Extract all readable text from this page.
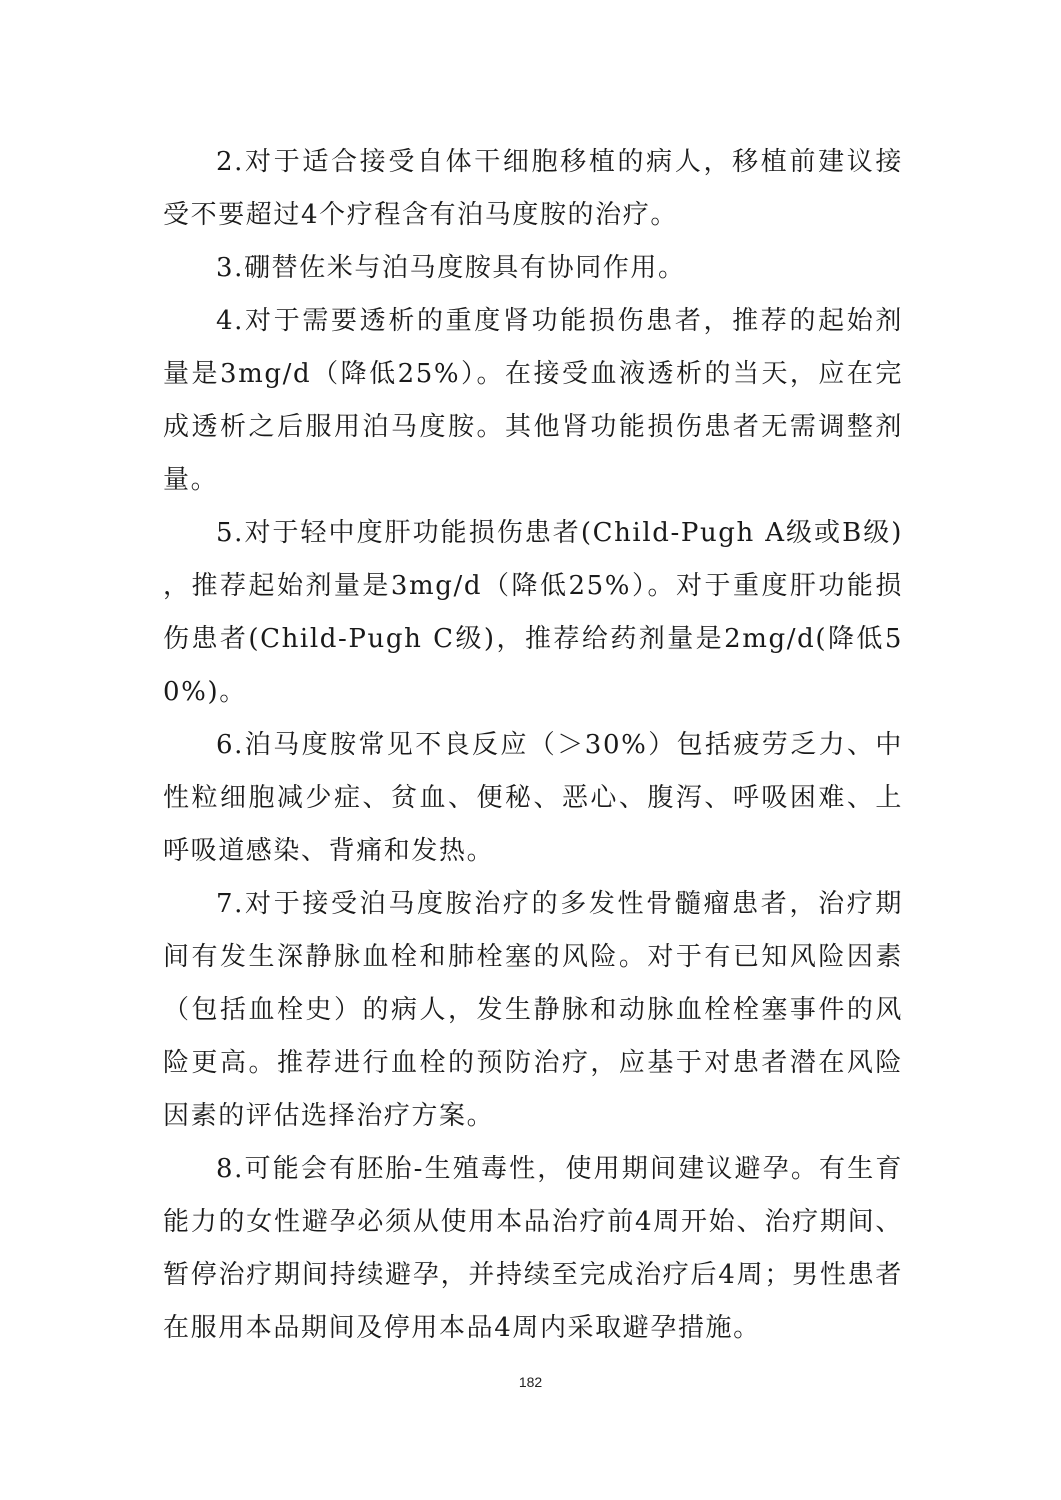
2.对于适合接受自体干细胞移植的病人，移植前建议接受不要超过4个疗程含有泊马度胺的治疗。

3.硼替佐米与泊马度胺具有协同作用。

4.对于需要透析的重度肾功能损伤患者，推荐的起始剂量是3mg/d（降低25%）。在接受血液透析的当天，应在完成透析之后服用泊马度胺。其他肾功能损伤患者无需调整剂量。

5.对于轻中度肝功能损伤患者(Child-Pugh A级或B级)，推荐起始剂量是3mg/d（降低25%）。对于重度肝功能损伤患者(Child-Pugh C级)，推荐给药剂量是2mg/d(降低50%)。

6.泊马度胺常见不良反应（＞30%）包括疲劳乏力、中性粒细胞减少症、贫血、便秘、恶心、腹泻、呼吸困难、上呼吸道感染、背痛和发热。

7.对于接受泊马度胺治疗的多发性骨髓瘤患者，治疗期间有发生深静脉血栓和肺栓塞的风险。对于有已知风险因素（包括血栓史）的病人，发生静脉和动脉血栓栓塞事件的风险更高。推荐进行血栓的预防治疗，应基于对患者潜在风险因素的评估选择治疗方案。

8.可能会有胚胎-生殖毒性，使用期间建议避孕。有生育能力的女性避孕必须从使用本品治疗前4周开始、治疗期间、暂停治疗期间持续避孕，并持续至完成治疗后4周；男性患者在服用本品期间及停用本品4周内采取避孕措施。

182
